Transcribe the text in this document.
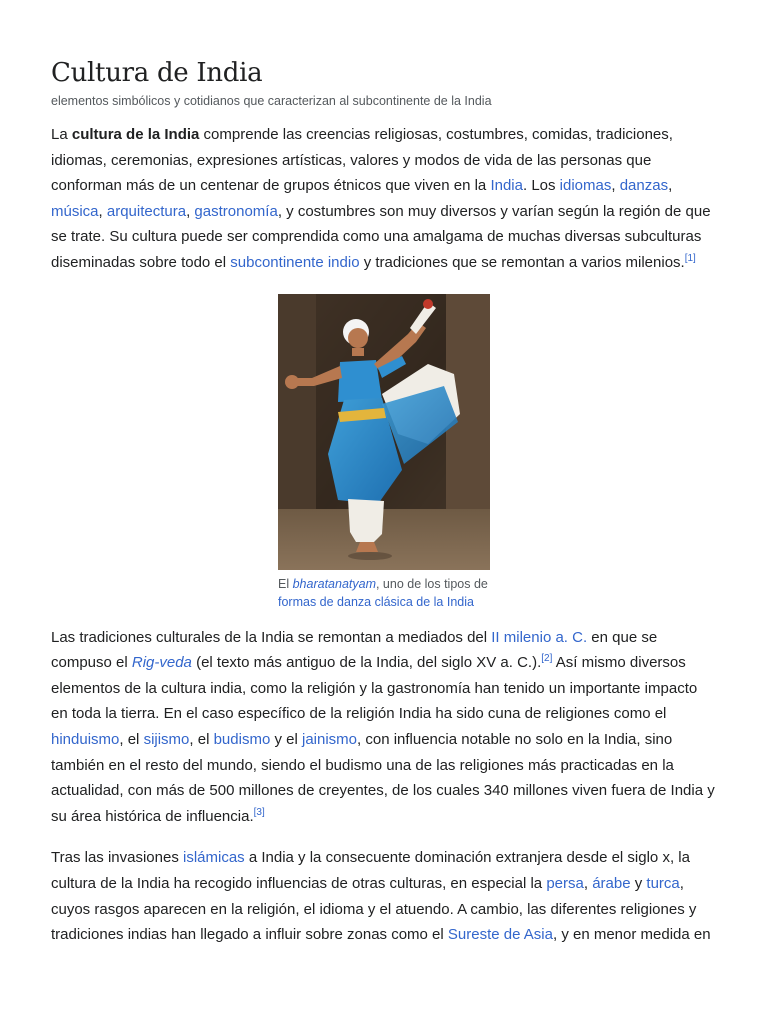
Cultura de India
elementos simbólicos y cotidianos que caracterizan al subcontinente de la India

La cultura de la India comprende las creencias religiosas, costumbres, comidas, tradiciones, idiomas, ceremonias, expresiones artísticas, valores y modos de vida de las personas que conforman más de un centenar de grupos étnicos que viven en la India. Los idiomas, danzas, música, arquitectura, gastronomía, y costumbres son muy diversos y varían según la región de que se trate. Su cultura puede ser comprendida como una amalgama de muchas diversas subculturas diseminadas sobre todo el subcontinente indio y tradiciones que se remontan a varios milenios.[1]

El bharatanatyam, uno de los tipos de
formas de danza clásica de la India

Las tradiciones culturales de la India se remontan a mediados del II milenio a. C. en que se compuso el Rig-veda (el texto más antiguo de la India, del siglo XV a. C.).[2] Así mismo diversos elementos de la cultura india, como la religión y la gastronomía han tenido un importante impacto en toda la tierra. En el caso específico de la religión India ha sido cuna de religiones como el hinduismo, el sijismo, el budismo y el jainismo, con influencia notable no solo en la India, sino también en el resto del mundo, siendo el budismo una de las religiones más practicadas en la actualidad, con más de 500 millones de creyentes, de los cuales 340 millones viven fuera de India y su área histórica de influencia.[3]

Tras las invasiones islámicas a India y la consecuente dominación extranjera desde el siglo x, la cultura de la India ha recogido influencias de otras culturas, en especial la persa, árabe y turca, cuyos rasgos aparecen en la religión, el idioma y el atuendo. A cambio, las diferentes religiones y tradiciones indias han llegado a influir sobre zonas como el Sureste de Asia, y en menor medida en
